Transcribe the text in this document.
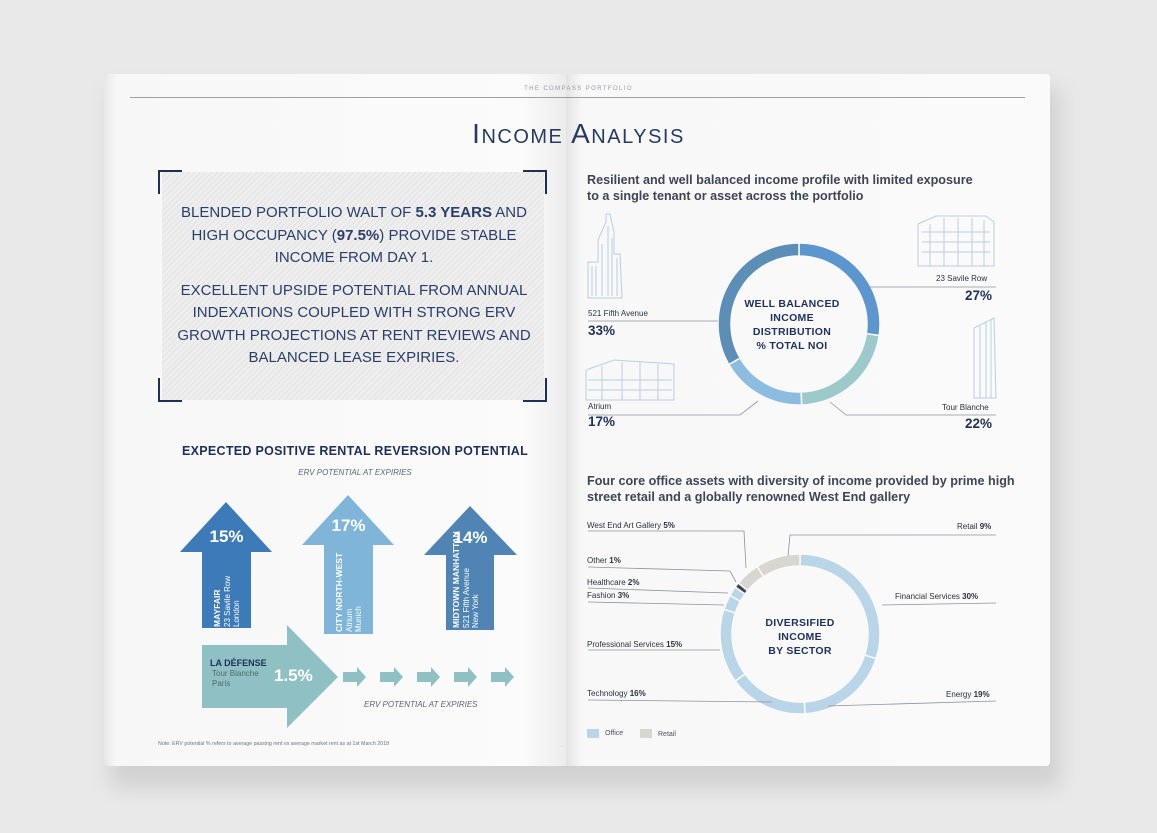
THE COMPASS PORTFOLIO
Income Analysis

BLENDED PORTFOLIO WALT OF 5.3 YEARS AND HIGH OCCUPANCY (97.5%) PROVIDE STABLE INCOME FROM DAY 1.

EXCELLENT UPSIDE POTENTIAL FROM ANNUAL INDEXATIONS COUPLED WITH STRONG ERV GROWTH PROJECTIONS AT RENT REVIEWS AND BALANCED LEASE EXPIRIES.

EXPECTED POSITIVE RENTAL REVERSION POTENTIAL
ERV POTENTIAL AT EXPIRIES
15%
17%
14%
MAYFAIR
23 Savile Row
London	CITY NORTH-WEST
Atrium
Munich	MIDTOWN MANHATTAN
521 Fifth Avenue
New York
LA DÉFENSE
Tour Blanche
Paris	1.5%
ERV POTENTIAL AT EXPIRIES
Note: ERV potential % refers to average passing rent vs average market rent as at 1st March 2018	·
Resilient and well balanced income profile with limited exposure to a single tenant or asset across the portfolio
WELL BALANCED
INCOME
DISTRIBUTION
% TOTAL NOI
23 Savile Row
27%
521 Fifth Avenue
33%
Atrium
17%
Tour Blanche
22%
Four core office assets with diversity of income provided by prime high street retail and a globally renowned West End gallery
DIVERSIFIED
INCOME
BY SECTOR
West End Art Gallery 5%	Retail 9%
Other 1%
Healthcare 2%
Fashion 3%	Financial Services 30%
Professional Services 15%
Technology 16%	Energy 19%
Office	Retail
